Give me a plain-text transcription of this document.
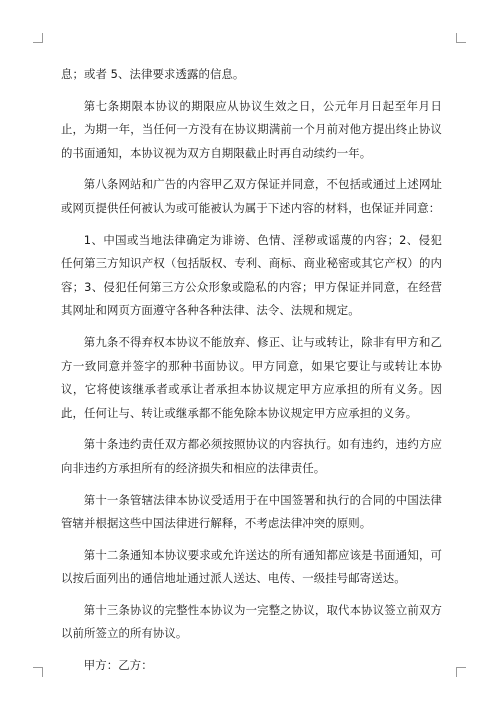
息；或者 5、法律要求透露的信息。

第七条期限本协议的期限应从协议生效之日，公元年月日起至年月日止，为期一年，当任何一方没有在协议期满前一个月前对他方提出终止协议的书面通知，本协议视为双方自期限截止时再自动续约一年。

第八条网站和广告的内容甲乙双方保证并同意，不包括或通过上述网址或网页提供任何被认为或可能被认为属于下述内容的材料，也保证并同意：

1、中国或当地法律确定为诽谤、色情、淫秽或谣蔑的内容；2、侵犯任何第三方知识产权（包括版权、专利、商标、商业秘密或其它产权）的内容；3、侵犯任何第三方公众形象或隐私的内容；甲方保证并同意，在经营其网址和网页方面遵守各种各种法律、法令、法规和规定。

第九条不得弃权本协议不能放弃、修正、让与或转让，除非有甲方和乙方一致同意并签字的那种书面协议。甲方同意，如果它要让与或转让本协议，它将使该继承者或承让者承担本协议规定甲方应承担的所有义务。因此，任何让与、转让或继承都不能免除本协议规定甲方应承担的义务。

第十条违约责任双方都必须按照协议的内容执行。如有违约，违约方应向非违约方承担所有的经济损失和相应的法律责任。

第十一条管辖法律本协议受适用于在中国签署和执行的合同的中国法律管辖并根据这些中国法律进行解释，不考虑法律冲突的原则。

第十二条通知本协议要求或允许送达的所有通知都应该是书面通知，可以按后面列出的通信地址通过派人送达、电传、一级挂号邮寄送达。

第十三条协议的完整性本协议为一完整之协议，取代本协议签立前双方以前所签立的所有协议。

甲方：乙方：
